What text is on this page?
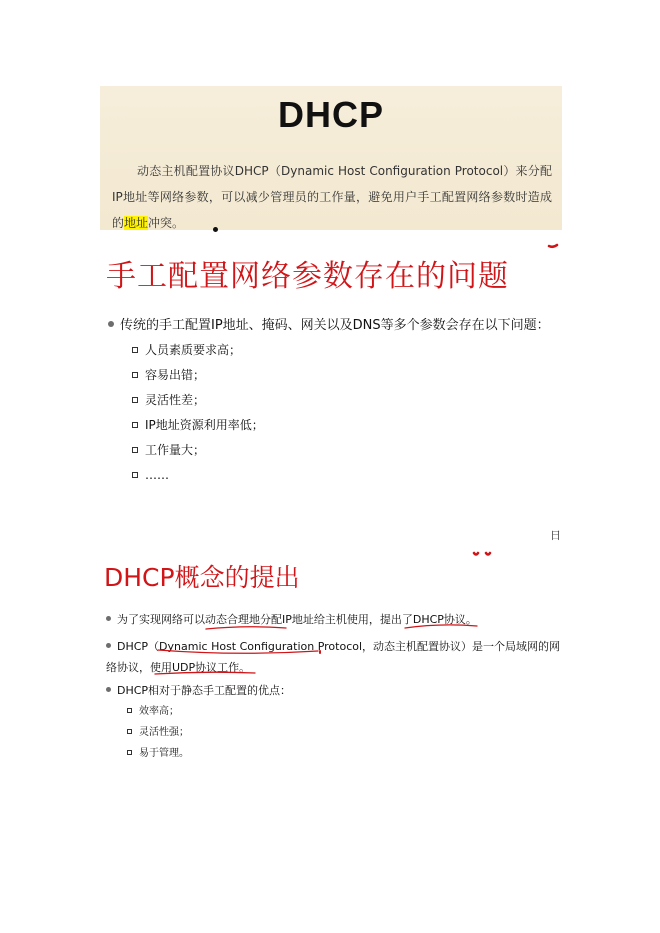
DHCP
动态主机配置协议DHCP（Dynamic Host Configuration Protocol）来分配IP地址等网络参数，可以减少管理员的工作量，避免用户手工配置网络参数时造成的地址冲突。
手工配置网络参数存在的问题
传统的手工配置IP地址、掩码、网关以及DNS等多个参数会存在以下问题：
人员素质要求高；
容易出错；
灵活性差；
IP地址资源利用率低；
工作量大；
……
日
DHCP概念的提出
为了实现网络可以动态合理地分配IP地址给主机使用，提出了DHCP协议。
DHCP（Dynamic Host Configuration Protocol，动态主机配置协议）是一个局域网的网络协议，使用UDP协议工作。
DHCP相对于静态手工配置的优点：
效率高；
灵活性强；
易于管理。
